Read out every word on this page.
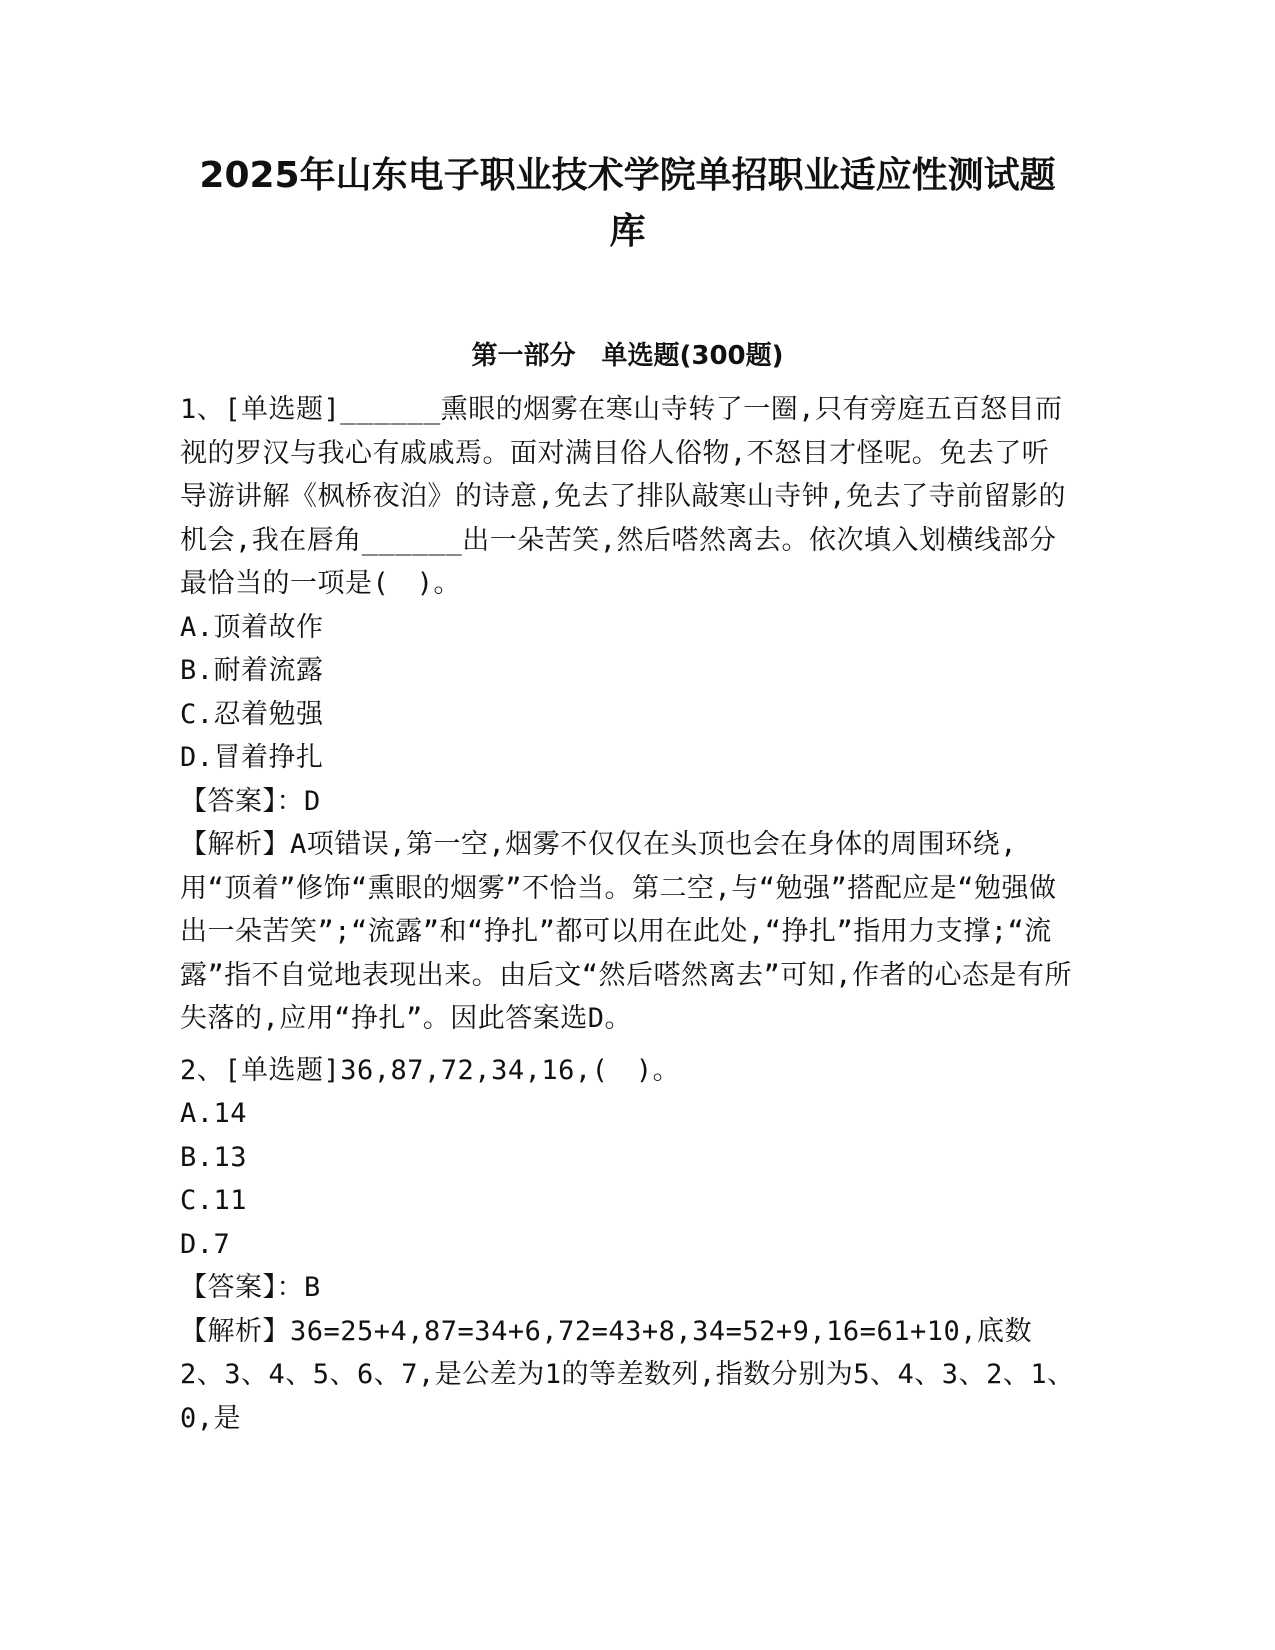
2025年山东电子职业技术学院单招职业适应性测试题
库
第一部分　单选题(300题)

1、[单选题]______熏眼的烟雾在寒山寺转了一圈,只有旁庭五百怒目而视的罗汉与我心有戚戚焉。面对满目俗人俗物,不怒目才怪呢。免去了听导游讲解《枫桥夜泊》的诗意,免去了排队敲寒山寺钟,免去了寺前留影的机会,我在唇角______出一朵苦笑,然后嗒然离去。依次填入划横线部分最恰当的一项是(　)。

A.顶着故作

B.耐着流露

C.忍着勉强

D.冒着挣扎

【答案】：D

【解析】A项错误,第一空,烟雾不仅仅在头顶也会在身体的周围环绕,用“顶着”修饰“熏眼的烟雾”不恰当。第二空,与“勉强”搭配应是“勉强做出一朵苦笑”;“流露”和“挣扎”都可以用在此处,“挣扎”指用力支撑;“流露”指不自觉地表现出来。由后文“然后嗒然离去”可知,作者的心态是有所失落的,应用“挣扎”。因此答案选D。

2、[单选题]36,87,72,34,16,(　)。

A.14

B.13

C.11

D.7

【答案】：B

【解析】36=25+4,87=34+6,72=43+8,34=52+9,16=61+10,底数2、3、4、5、6、7,是公差为1的等差数列,指数分别为5、4、3、2、1、0,是
